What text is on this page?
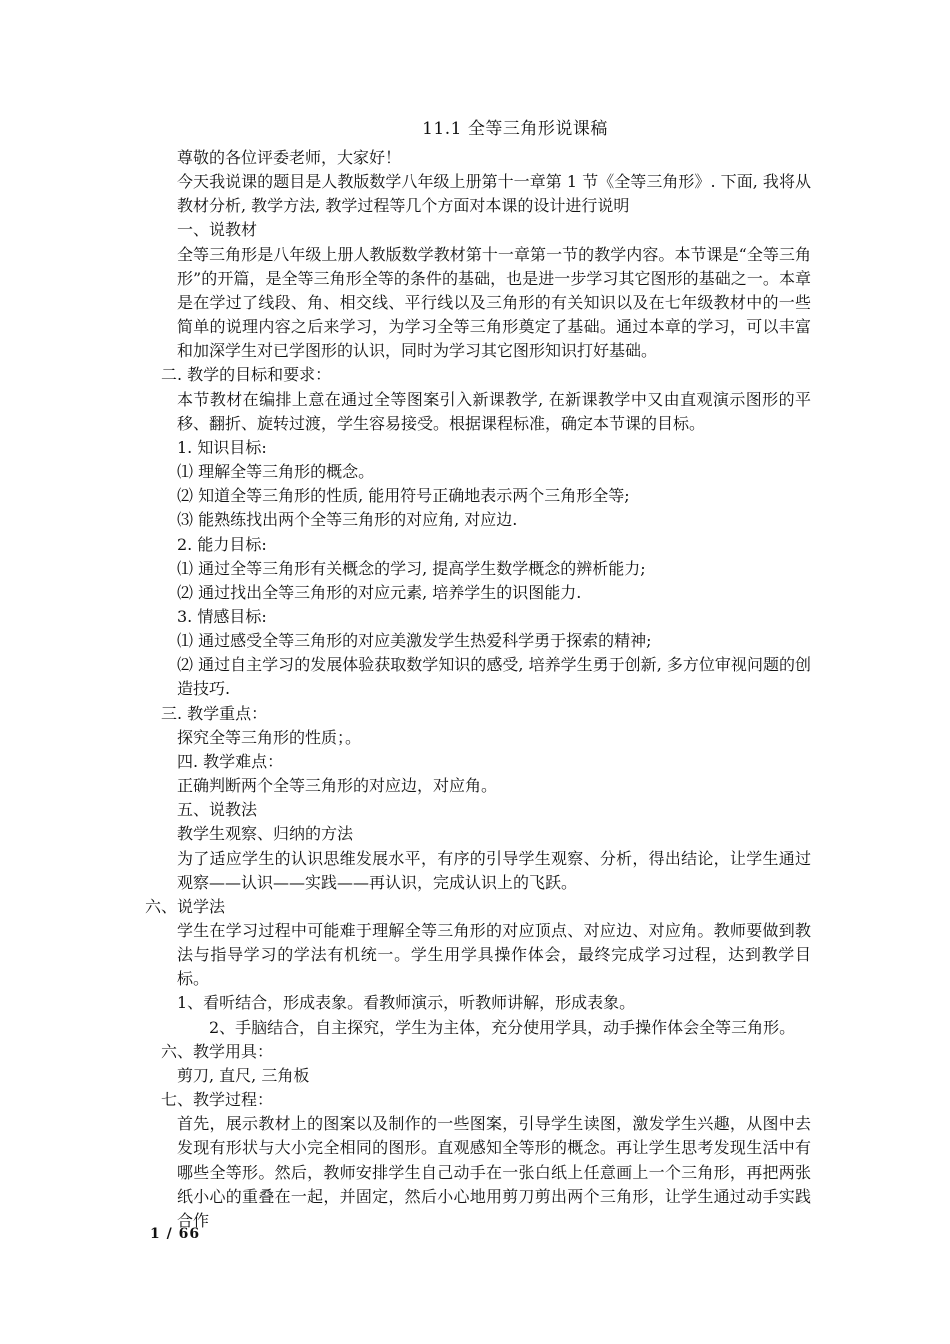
11.1 全等三角形说课稿

尊敬的各位评委老师，大家好！

今天我说课的题目是人教版数学八年级上册第十一章第 1 节《全等三角形》. 下面, 我将从教材分析, 教学方法, 教学过程等几个方面对本课的设计进行说明

一、说教材

全等三角形是八年级上册人教版数学教材第十一章第一节的教学内容。本节课是“全等三角形”的开篇，是全等三角形全等的条件的基础，也是进一步学习其它图形的基础之一。本章是在学过了线段、角、相交线、平行线以及三角形的有关知识以及在七年级教材中的一些简单的说理内容之后来学习，为学习全等三角形奠定了基础。通过本章的学习，可以丰富和加深学生对已学图形的认识，同时为学习其它图形知识打好基础。

二. 教学的目标和要求：

本节教材在编排上意在通过全等图案引入新课教学, 在新课教学中又由直观演示图形的平移、翻折、旋转过渡，学生容易接受。根据课程标准，确定本节课的目标。

1. 知识目标:

⑴ 理解全等三角形的概念。

⑵ 知道全等三角形的性质, 能用符号正确地表示两个三角形全等;

⑶ 能熟练找出两个全等三角形的对应角, 对应边.

2. 能力目标:

⑴ 通过全等三角形有关概念的学习, 提高学生数学概念的辨析能力;

⑵ 通过找出全等三角形的对应元素, 培养学生的识图能力.

3. 情感目标:

⑴ 通过感受全等三角形的对应美激发学生热爱科学勇于探索的精神;

⑵ 通过自主学习的发展体验获取数学知识的感受, 培养学生勇于创新, 多方位审视问题的创造技巧.

三. 教学重点：

探究全等三角形的性质；。

四. 教学难点：

正确判断两个全等三角形的对应边，对应角。

五、说教法

教学生观察、归纳的方法

为了适应学生的认识思维发展水平，有序的引导学生观察、分析，得出结论，让学生通过观察——认识——实践——再认识，完成认识上的飞跃。

六、说学法

学生在学习过程中可能难于理解全等三角形的对应顶点、对应边、对应角。教师要做到教法与指导学习的学法有机统一。学生用学具操作体会，最终完成学习过程，达到教学目标。

1、看听结合，形成表象。看教师演示，听教师讲解，形成表象。

2、手脑结合，自主探究，学生为主体，充分使用学具，动手操作体会全等三角形。

六、教学用具：

剪刀, 直尺, 三角板

七、教学过程：

首先，展示教材上的图案以及制作的一些图案，引导学生读图，激发学生兴趣，从图中去发现有形状与大小完全相同的图形。直观感知全等形的概念。再让学生思考发现生活中有哪些全等形。然后，教师安排学生自己动手在一张白纸上任意画上一个三角形，再把两张纸小心的重叠在一起，并固定，然后小心地用剪刀剪出两个三角形，让学生通过动手实践合作

1 / 66
